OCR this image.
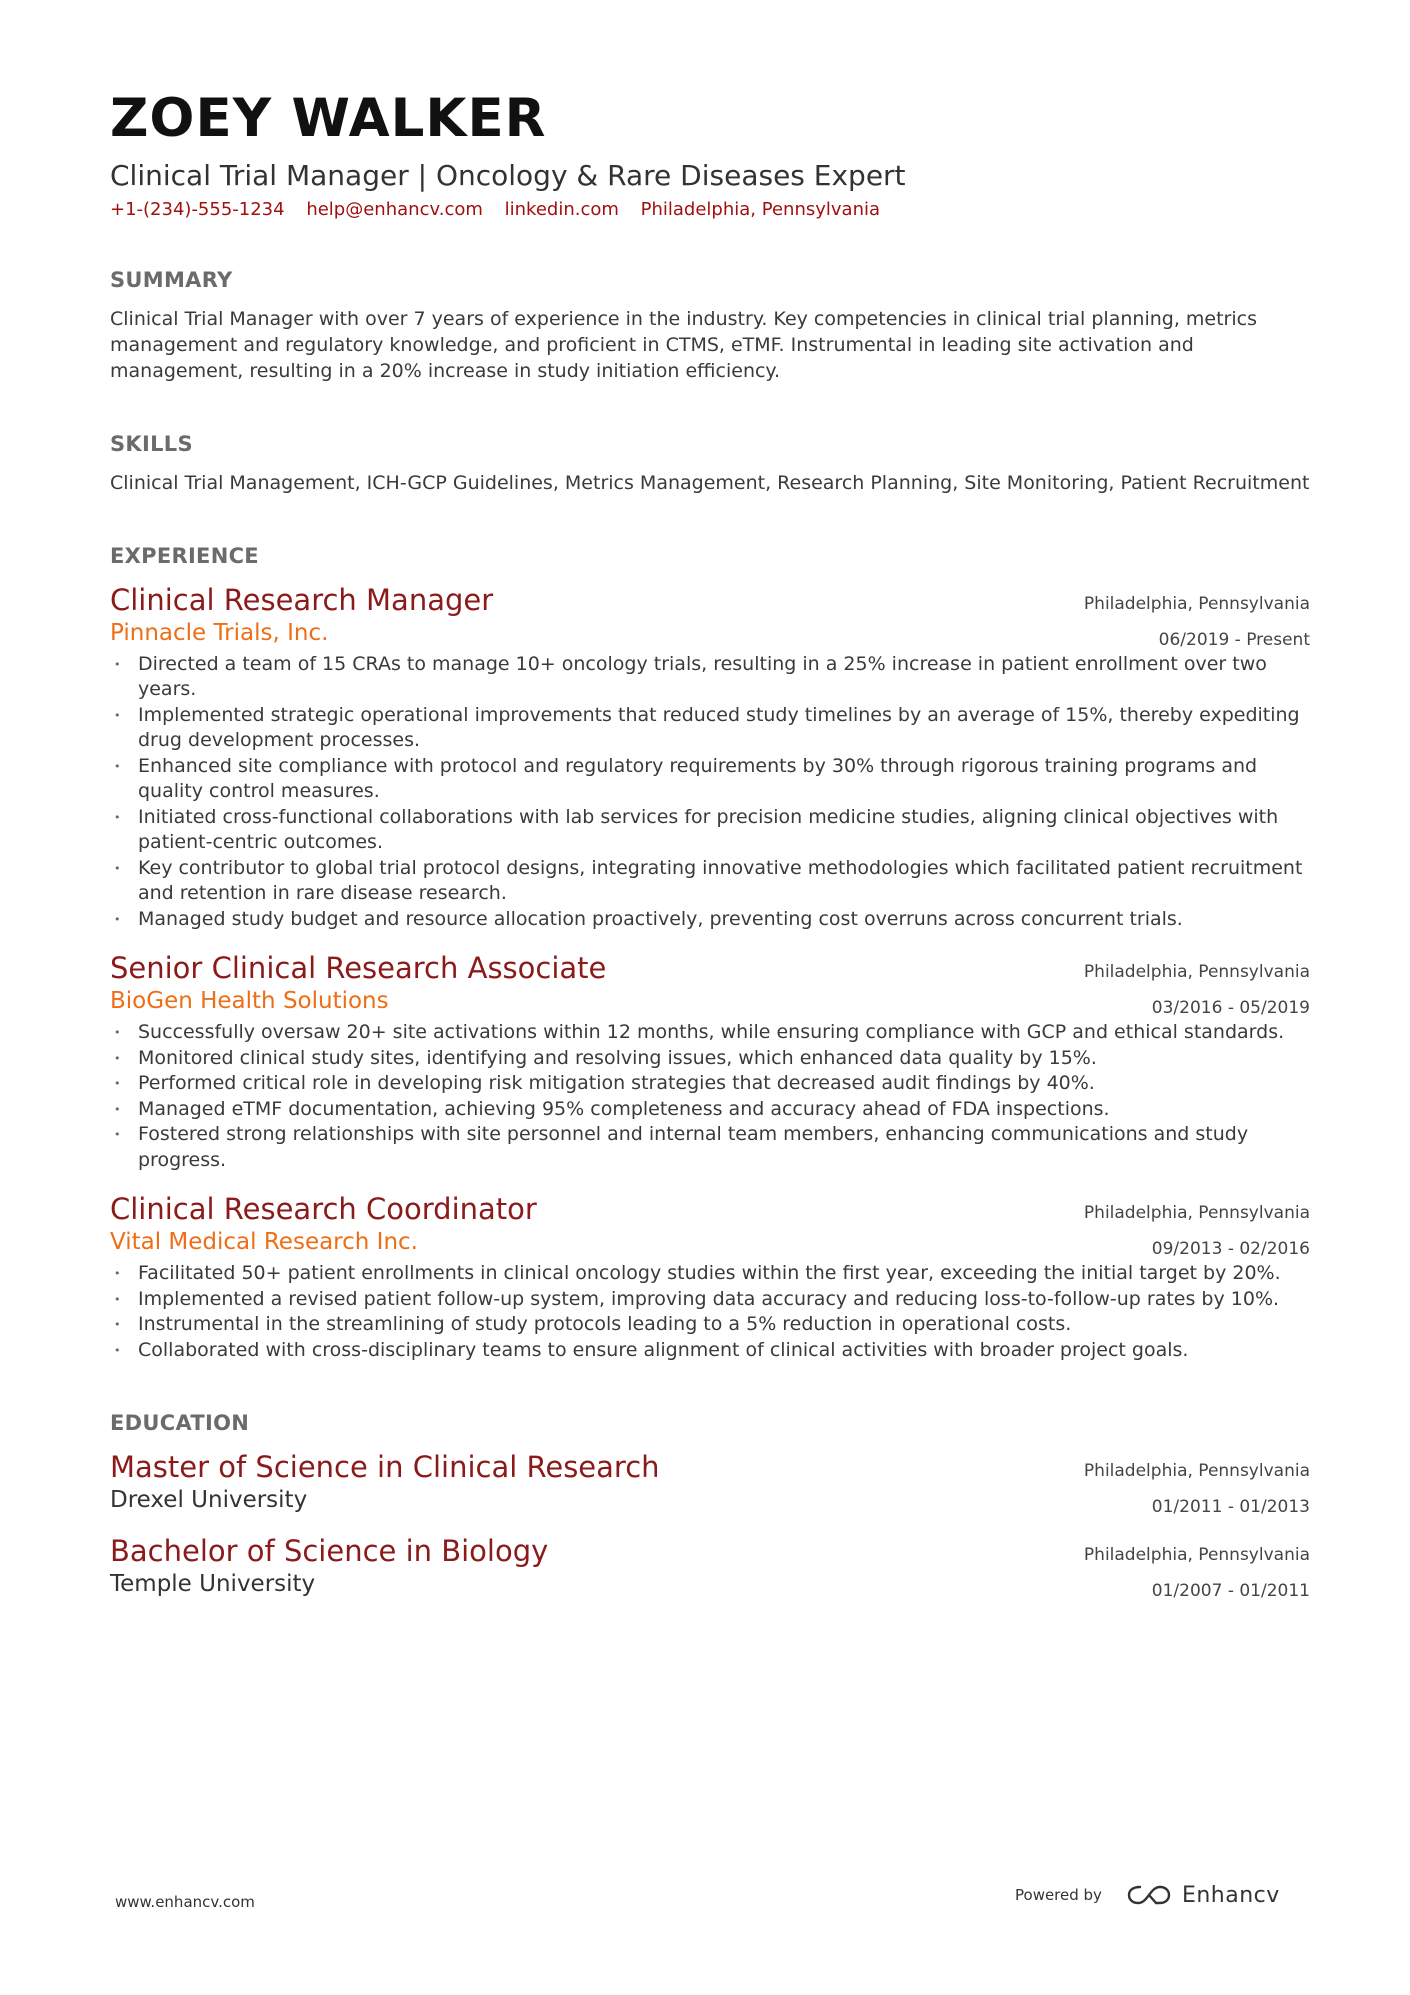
ZOEY WALKER
Clinical Trial Manager | Oncology & Rare Diseases Expert
+1-(234)-555-1234 help@enhancv.com linkedin.com Philadelphia, Pennsylvania
SUMMARY
Clinical Trial Manager with over 7 years of experience in the industry. Key competencies in clinical trial planning, metrics management and regulatory knowledge, and proficient in CTMS, eTMF. Instrumental in leading site activation and management, resulting in a 20% increase in study initiation efficiency.
SKILLS
Clinical Trial Management, ICH-GCP Guidelines, Metrics Management, Research Planning, Site Monitoring, Patient Recruitment
EXPERIENCE
Clinical Research Manager
Pinnacle Trials, Inc.
Philadelphia, Pennsylvania
06/2019 - Present
• Directed a team of 15 CRAs to manage 10+ oncology trials, resulting in a 25% increase in patient enrollment over two years.
• Implemented strategic operational improvements that reduced study timelines by an average of 15%, thereby expediting drug development processes.
• Enhanced site compliance with protocol and regulatory requirements by 30% through rigorous training programs and quality control measures.
• Initiated cross-functional collaborations with lab services for precision medicine studies, aligning clinical objectives with patient-centric outcomes.
• Key contributor to global trial protocol designs, integrating innovative methodologies which facilitated patient recruitment and retention in rare disease research.
• Managed study budget and resource allocation proactively, preventing cost overruns across concurrent trials.
Senior Clinical Research Associate
BioGen Health Solutions
Philadelphia, Pennsylvania
03/2016 - 05/2019
• Successfully oversaw 20+ site activations within 12 months, while ensuring compliance with GCP and ethical standards.
• Monitored clinical study sites, identifying and resolving issues, which enhanced data quality by 15%.
• Performed critical role in developing risk mitigation strategies that decreased audit findings by 40%.
• Managed eTMF documentation, achieving 95% completeness and accuracy ahead of FDA inspections.
• Fostered strong relationships with site personnel and internal team members, enhancing communications and study progress.
Clinical Research Coordinator
Vital Medical Research Inc.
Philadelphia, Pennsylvania
09/2013 - 02/2016
• Facilitated 50+ patient enrollments in clinical oncology studies within the first year, exceeding the initial target by 20%.
• Implemented a revised patient follow-up system, improving data accuracy and reducing loss-to-follow-up rates by 10%.
• Instrumental in the streamlining of study protocols leading to a 5% reduction in operational costs.
• Collaborated with cross-disciplinary teams to ensure alignment of clinical activities with broader project goals.
EDUCATION
Master of Science in Clinical Research
Drexel University
Philadelphia, Pennsylvania
01/2011 - 01/2013
Bachelor of Science in Biology
Temple University
Philadelphia, Pennsylvania
01/2007 - 01/2011
www.enhancv.com	Powered by	Enhancv
